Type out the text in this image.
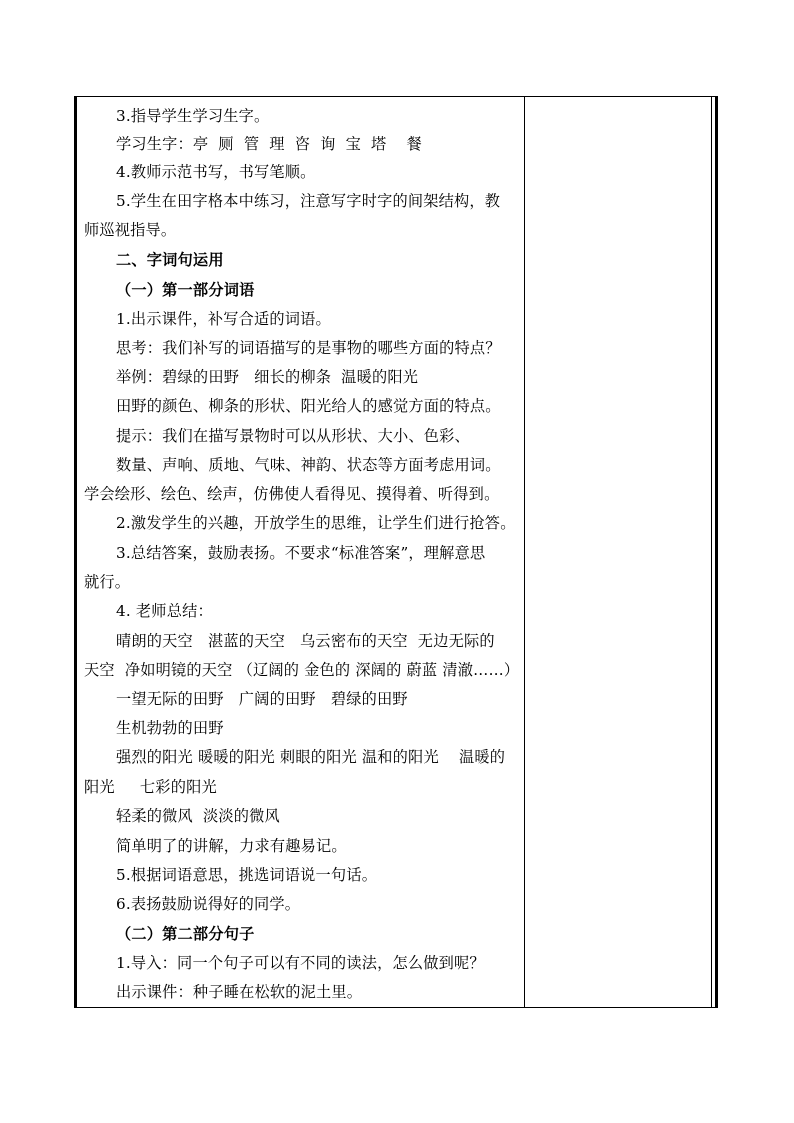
3.指导学生学习生字。
学习生字：亭  厕  管  理  咨  询  宝  塔    餐
4.教师示范书写，书写笔顺。
5.学生在田字格本中练习，注意写字时字的间架结构，教
师巡视指导。
二、字词句运用
（一）第一部分词语
1.出示课件，补写合适的词语。
思考：我们补写的词语描写的是事物的哪些方面的特点？
举例：碧绿的田野   细长的柳条  温暖的阳光
田野的颜色、柳条的形状、阳光给人的感觉方面的特点。
提示：我们在描写景物时可以从形状、大小、色彩、
数量、声响、质地、气味、神韵、状态等方面考虑用词。
学会绘形、绘色、绘声，仿佛使人看得见、摸得着、听得到。
2.激发学生的兴趣，开放学生的思维，让学生们进行抢答。
3.总结答案，鼓励表扬。不要求“标准答案”，理解意思
就行。
4. 老师总结：
晴朗的天空   湛蓝的天空   乌云密布的天空  无边无际的
天空  净如明镜的天空 （辽阔的 金色的 深阔的 蔚蓝 清澈……）
一望无际的田野   广阔的田野   碧绿的田野
生机勃勃的田野
强烈的阳光 暖暖的阳光 刺眼的阳光 温和的阳光    温暖的
阳光     七彩的阳光
轻柔的微风  淡淡的微风
简单明了的讲解，力求有趣易记。
5.根据词语意思，挑选词语说一句话。
6.表扬鼓励说得好的同学。
（二）第二部分句子
1.导入：同一个句子可以有不同的读法，怎么做到呢？
出示课件：种子睡在松软的泥土里。
